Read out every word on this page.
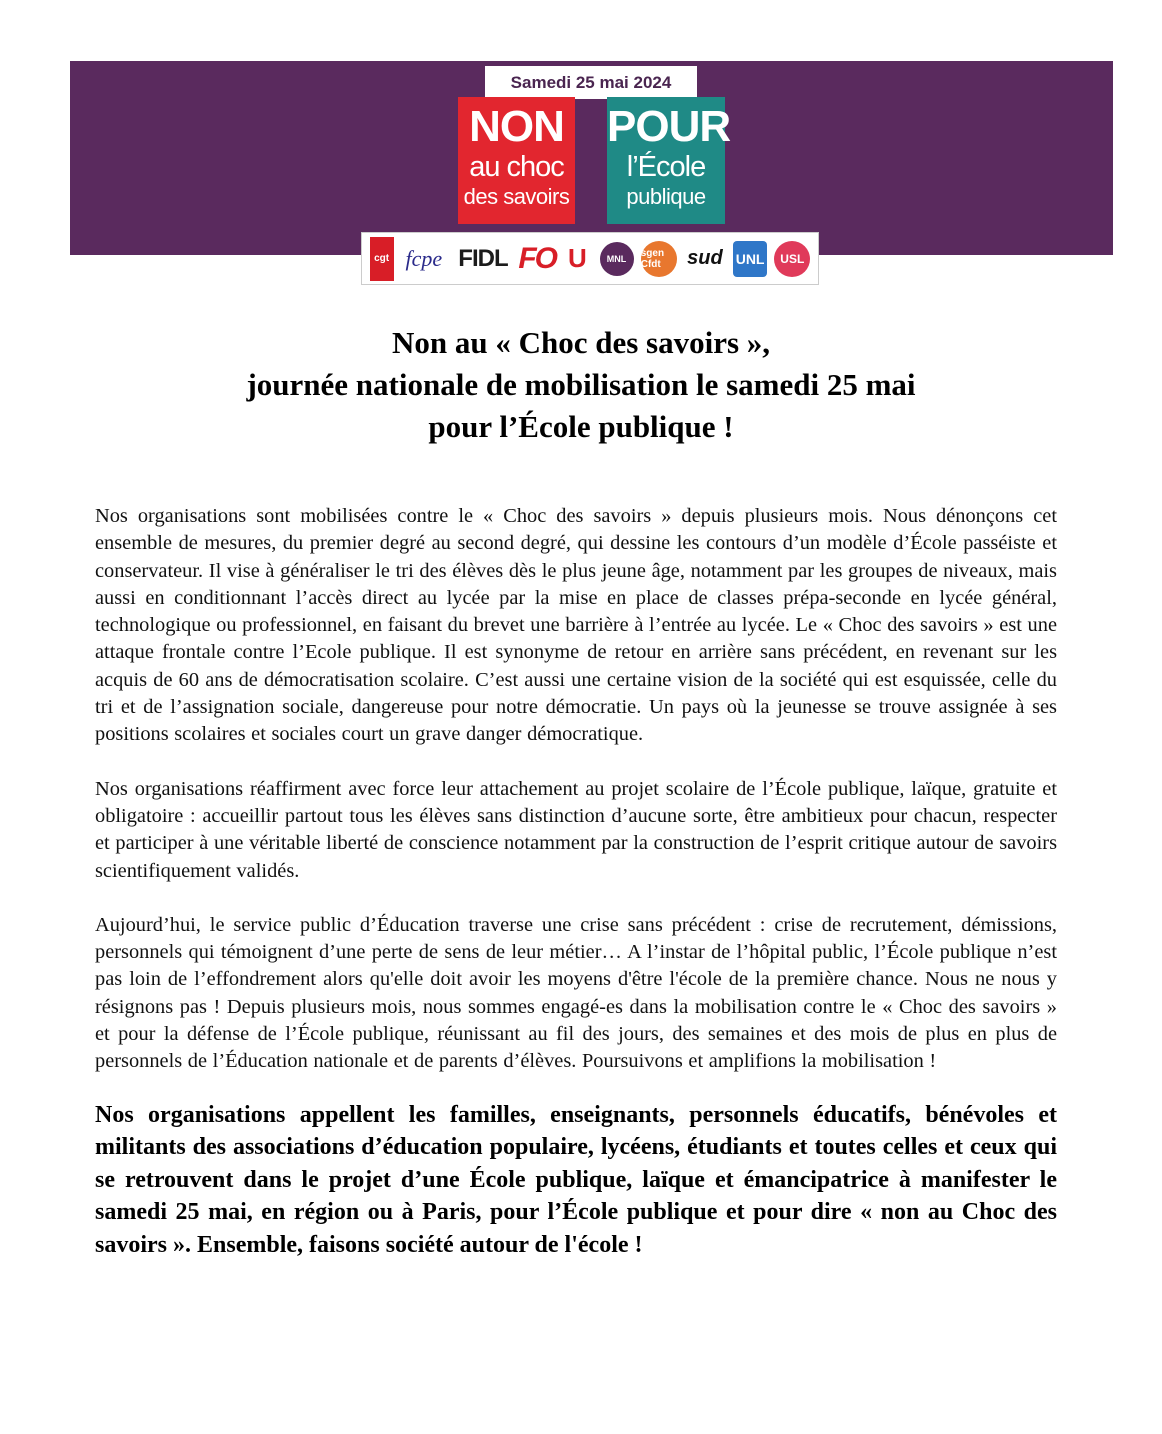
Samedi 25 mai 2024
NON
au choc
des savoirs
POUR
l’École
publique
cgt fcpe FIDL FO U	MNL	sgen Cfdt	sud UNL	USL
Non au « Choc des savoirs »,
journée nationale de mobilisation le samedi 25 mai
pour l’École publique !

Nos organisations sont mobilisées contre le « Choc des savoirs » depuis plusieurs mois. Nous dénonçons cet ensemble de mesures, du premier degré au second degré, qui dessine les contours d’un modèle d’École passéiste et conservateur. Il vise à généraliser le tri des élèves dès le plus jeune âge, notamment par les groupes de niveaux, mais aussi en conditionnant l’accès direct au lycée par la mise en place de classes prépa-seconde en lycée général, technologique ou professionnel, en faisant du brevet une barrière à l’entrée au lycée. Le « Choc des savoirs » est une attaque frontale contre l’Ecole publique. Il est synonyme de retour en arrière sans précédent, en revenant sur les acquis de 60 ans de démocratisation scolaire. C’est aussi une certaine vision de la société qui est esquissée, celle du tri et de l’assignation sociale, dangereuse pour notre démocratie. Un pays où la jeunesse se trouve assignée à ses positions scolaires et sociales court un grave danger démocratique.

Nos organisations réaffirment avec force leur attachement au projet scolaire de l’École publique, laïque, gratuite et obligatoire : accueillir partout tous les élèves sans distinction d’aucune sorte, être ambitieux pour chacun, respecter et participer à une véritable liberté de conscience notamment par la construction de l’esprit critique autour de savoirs scientifiquement validés.

Aujourd’hui, le service public d’Éducation traverse une crise sans précédent : crise de recrutement, démissions, personnels qui témoignent d’une perte de sens de leur métier… A l’instar de l’hôpital public, l’École publique n’est pas loin de l’effondrement alors qu'elle doit avoir les moyens d'être l'école de la première chance. Nous ne nous y résignons pas ! Depuis plusieurs mois, nous sommes engagé-es dans la mobilisation contre le « Choc des savoirs » et pour la défense de l’École publique, réunissant au fil des jours, des semaines et des mois de plus en plus de personnels de l’Éducation nationale et de parents d’élèves. Poursuivons et amplifions la mobilisation !

Nos organisations appellent les familles, enseignants, personnels éducatifs, bénévoles et militants des associations d’éducation populaire, lycéens, étudiants et toutes celles et ceux qui se retrouvent dans le projet d’une École publique, laïque et émancipatrice à manifester le samedi 25 mai, en région ou à Paris, pour l’École publique et pour dire « non au Choc des savoirs ». Ensemble, faisons société autour de l'école !
